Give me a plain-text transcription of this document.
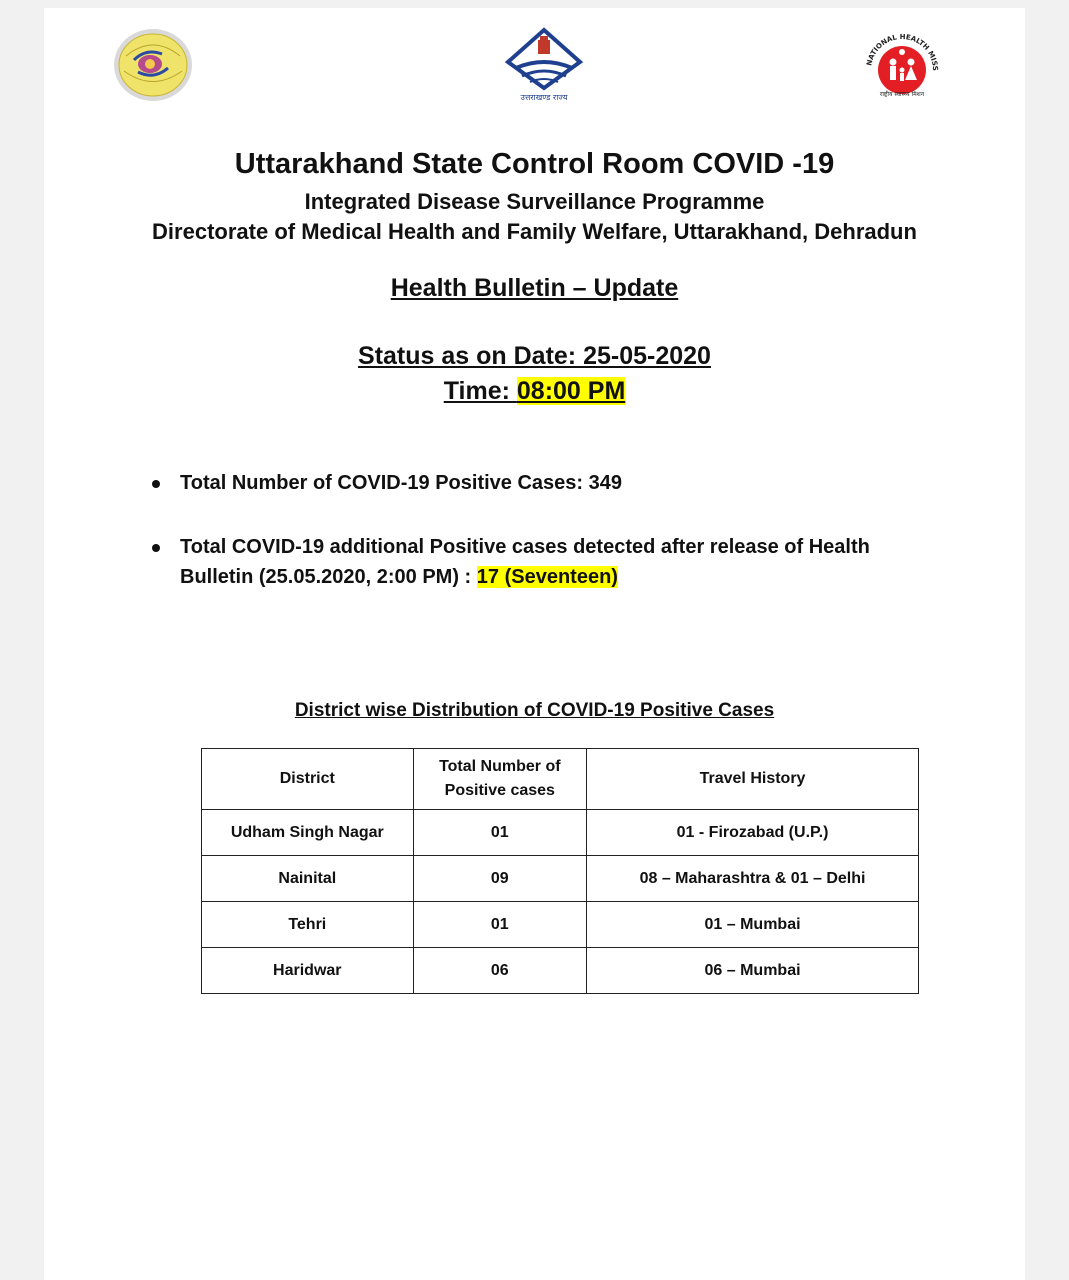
उत्तराखण्ड राज्य
NATIONAL HEALTH MISS
राष्ट्रीय स्वास्थ्य मिशन
Uttarakhand State Control Room COVID -19
Integrated Disease Surveillance Programme
Directorate of Medical Health and Family Welfare, Uttarakhand, Dehradun
Health Bulletin – Update
Status as on Date: 25-05-2020
Time: 08:00 PM
Total Number of COVID-19 Positive Cases: 349
Total COVID-19 additional Positive cases detected after release of Health Bulletin (25.05.2020, 2:00 PM) : 17 (Seventeen)
District wise Distribution of COVID-19 Positive Cases
District	Total Number of Positive cases	Travel History
Udham Singh Nagar	01	01 - Firozabad (U.P.)
Nainital	09	08 – Maharashtra & 01 – Delhi
Tehri	01	01 – Mumbai
Haridwar	06	06 – Mumbai
